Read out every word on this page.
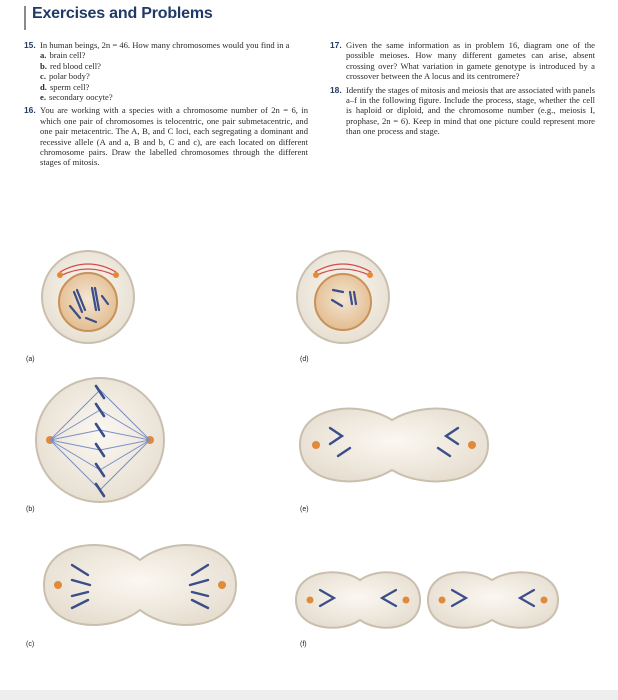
Exercises and Problems
15. In human beings, 2n = 46. How many chromosomes would you find in a
a. brain cell?
b. red blood cell?
c. polar body?
d. sperm cell?
e. secondary oocyte?
16. You are working with a species with a chromosome number of 2n = 6, in which one pair of chromosomes is telocentric, one pair submetacentric, and one pair metacentric. The A, B, and C loci, each segregating a dominant and recessive allele (A and a, B and b, C and c), are each located on different chromosome pairs. Draw the labelled chromosomes through the different stages of mitosis.
17. Given the same information as in problem 16, diagram one of the possible meioses. How many different gametes can arise, absent crossing over? What variation in gamete genotype is introduced by a crossover between the A locus and its centromere?
18. Identify the stages of mitosis and meiosis that are associated with panels a–f in the following figure. Include the process, stage, whether the cell is haploid or diploid, and the chromosome number (e.g., meiosis I, prophase, 2n = 6). Keep in mind that one picture could represent more than one process and stage.
(a)
(b)
(c)
(d)
(e)
(f)
